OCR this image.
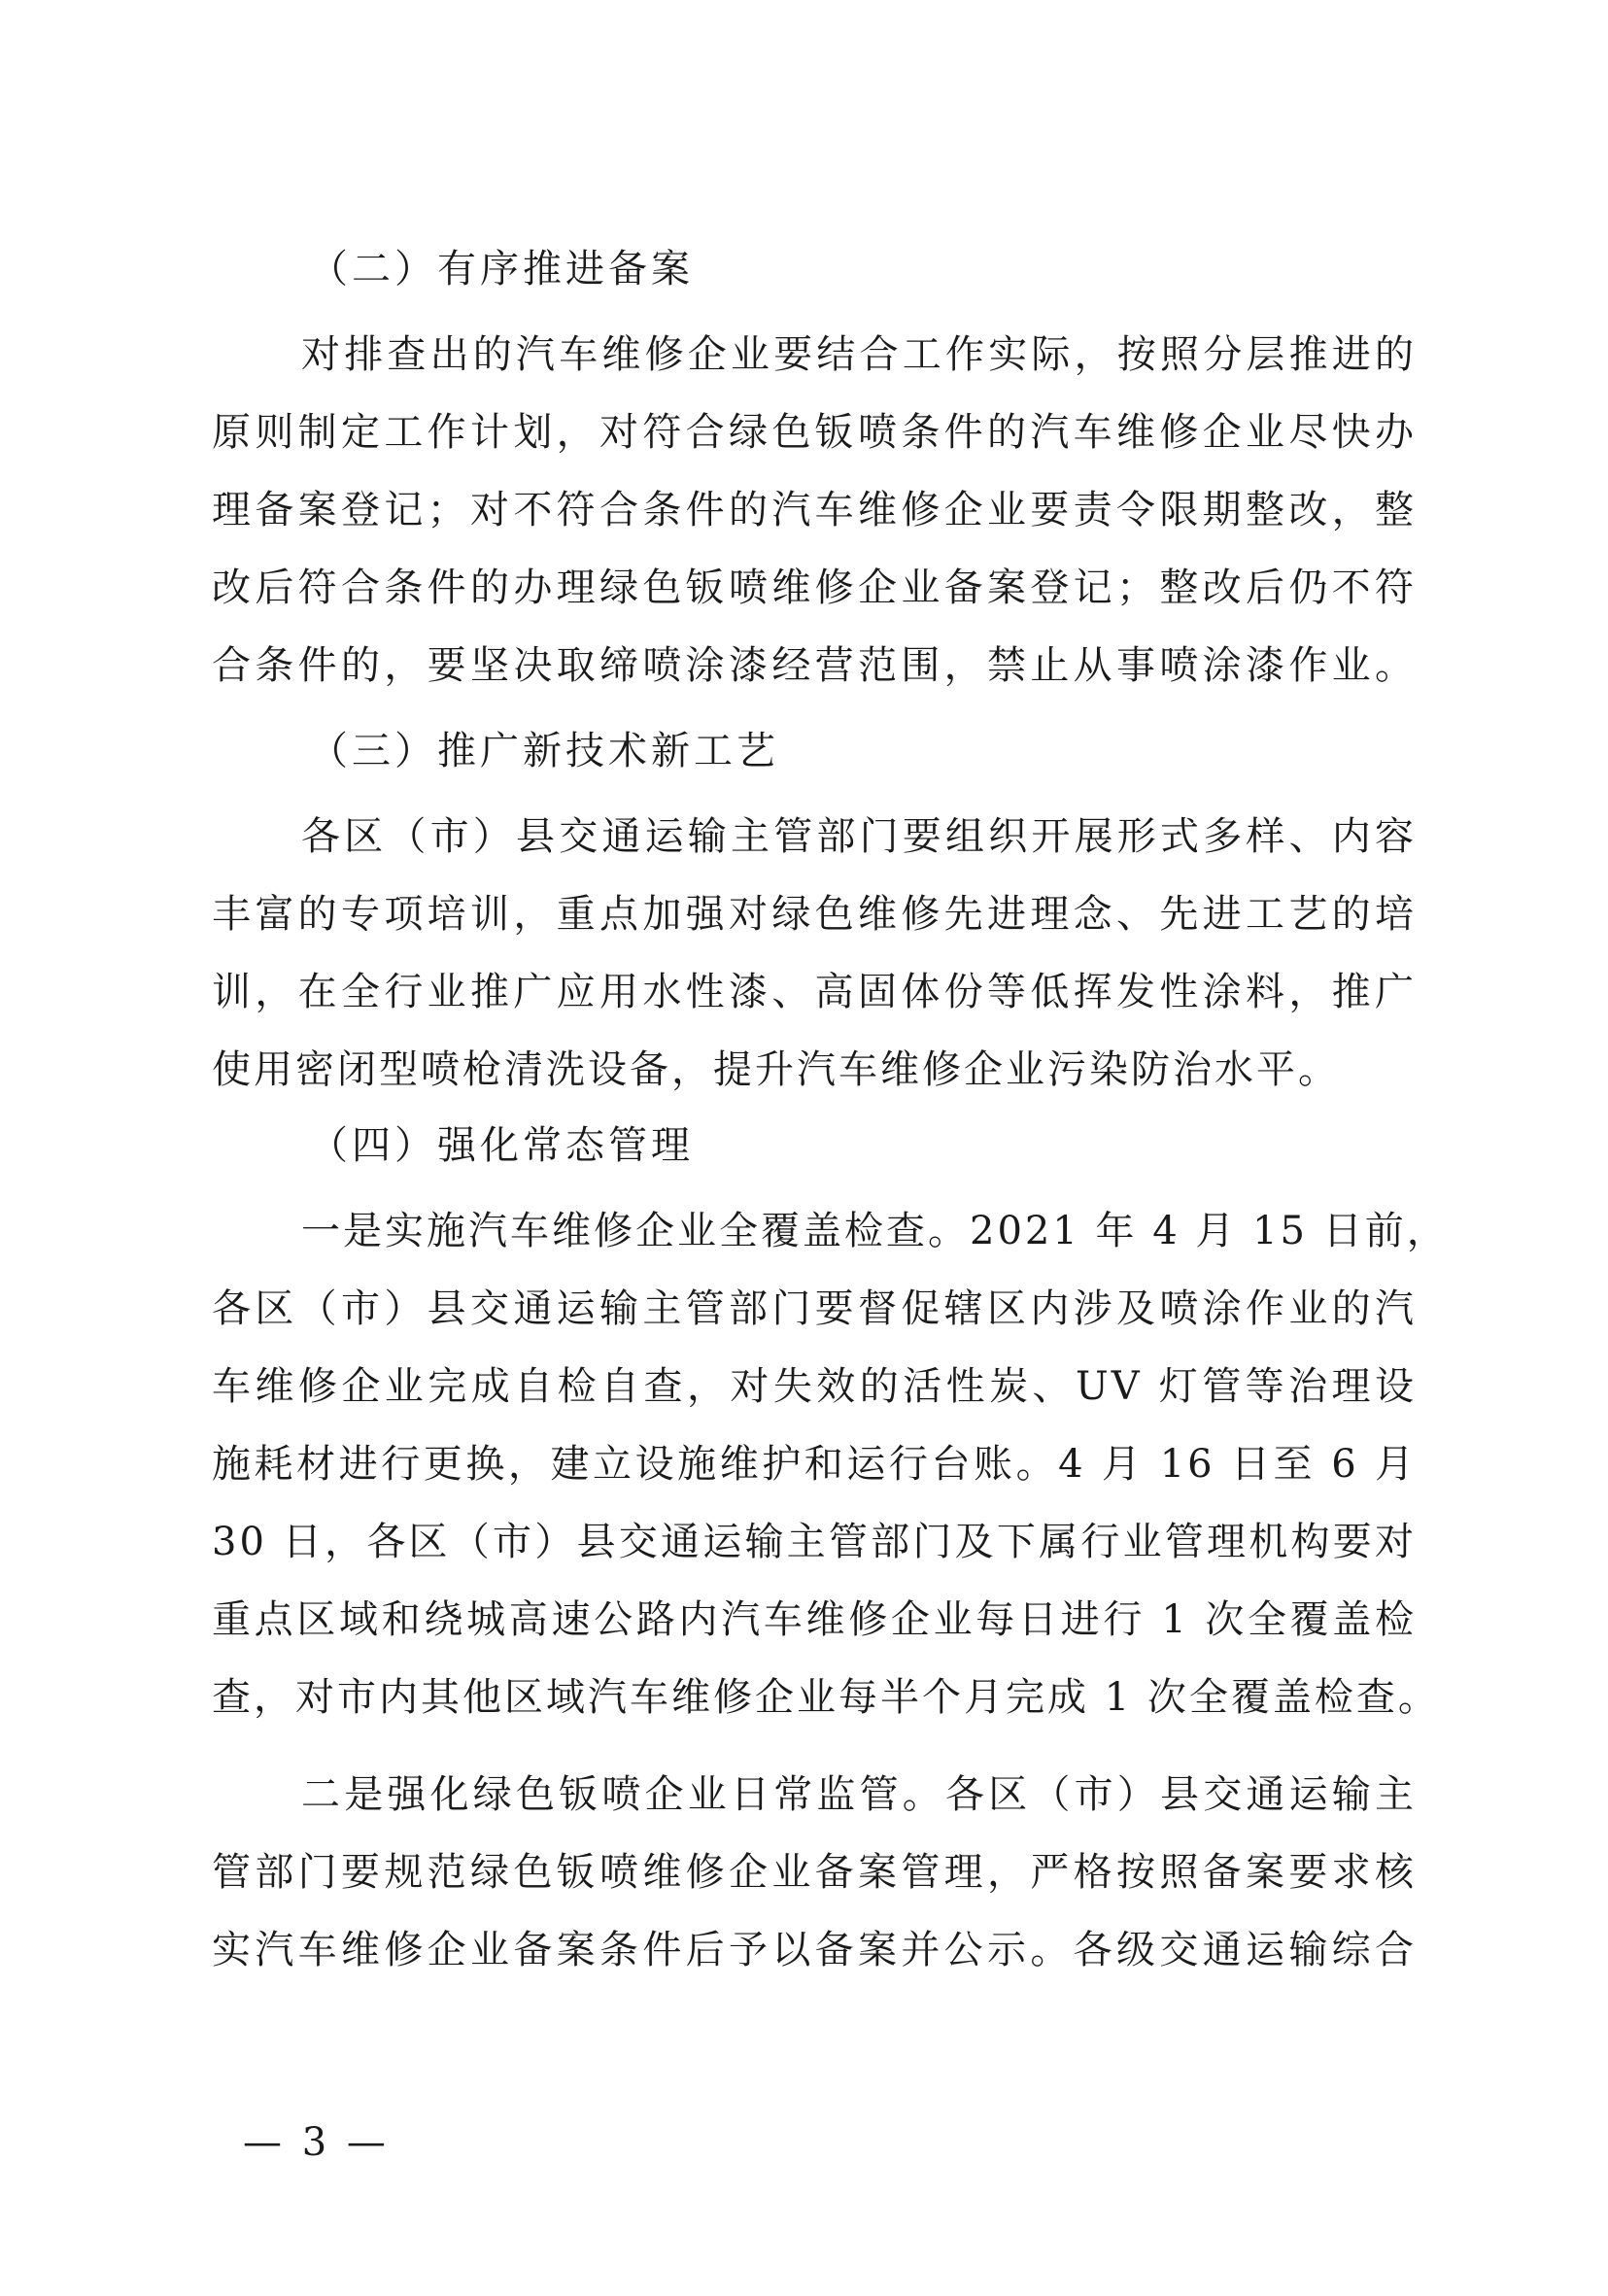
（二）有序推进备案
对排查出的汽车维修企业要结合工作实际，按照分层推进的
原则制定工作计划，对符合绿色钣喷条件的汽车维修企业尽快办
理备案登记；对不符合条件的汽车维修企业要责令限期整改，整
改后符合条件的办理绿色钣喷维修企业备案登记；整改后仍不符
合条件的，要坚决取缔喷涂漆经营范围，禁止从事喷涂漆作业。
（三）推广新技术新工艺
各区（市）县交通运输主管部门要组织开展形式多样、内容
丰富的专项培训，重点加强对绿色维修先进理念、先进工艺的培
训，在全行业推广应用水性漆、高固体份等低挥发性涂料，推广
使用密闭型喷枪清洗设备，提升汽车维修企业污染防治水平。
（四）强化常态管理
一是实施汽车维修企业全覆盖检查。2021 年 4 月 15 日前，
各区（市）县交通运输主管部门要督促辖区内涉及喷涂作业的汽
车维修企业完成自检自查，对失效的活性炭、UV 灯管等治理设
施耗材进行更换，建立设施维护和运行台账。4 月 16 日至 6 月
30 日，各区（市）县交通运输主管部门及下属行业管理机构要对
重点区域和绕城高速公路内汽车维修企业每日进行 1 次全覆盖检
查，对市内其他区域汽车维修企业每半个月完成 1 次全覆盖检查。
二是强化绿色钣喷企业日常监管。各区（市）县交通运输主
管部门要规范绿色钣喷维修企业备案管理，严格按照备案要求核
实汽车维修企业备案条件后予以备案并公示。各级交通运输综合
— 3 —
